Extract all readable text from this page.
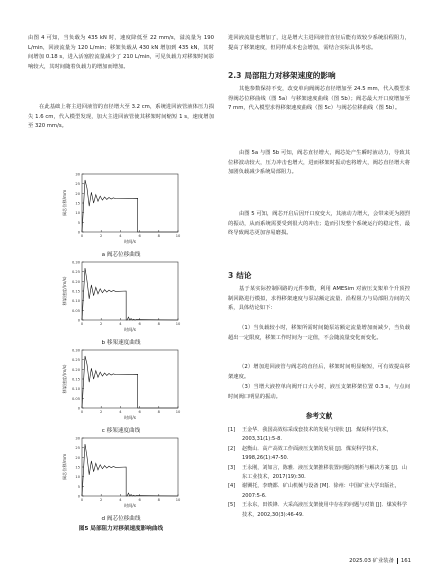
由图 4 可知，当负载为 435 kN 时，速度降低至 22 mm/s，溢流量为 190 L/min，回液流量为 120 L/min；移架负载从 430 kN 增加到 435 kN，其时间增加 0.18 s，进入活塞腔流量减少了 210 L/min，可见负载力对移架时间影响较大，其时间随着负载力的增加而增加。

在此基础上将主进回液管的直径增大至 3.2 cm，系统进回液管液体压力损失 1.6 cm，代入模型发现，加大主进回液管使其移架时间缩短 1 s，速度增加至 320 mm/s。

0
5
10
15
20
25
30
0	2	4	6	8	10
时间/s
阀芯位移/mm
0
0.05
0.10
0.15
0.20
0.25
0.30
0	2	4	6	8	10
时间/s
移架速度/(m/s)
0
0.05
0.10
0.15
0.20
0.25
0.30
0	2	4	6	8	10
时间/s
移架速度/(m/s)
0
5
10
15
20
25
30
0	2	4	6	8	10
时间/s
阀芯位移/mm
图5 局部阻力对移架速度影响曲线

进回液流量也增加了，这是增大主进回液管直径后能有效较少系统沿程阻力，提高了移架速度，但同样成本也会增加，需结合实际具体考虑。

2.3 局部阻力对移架速度的影响

其他参数保持不变，改变单向阀阀芯直径增加至 24.5 mm，代入模型求得阀芯位移曲线（图 5a）与移架速度曲线（图 5b）；阀芯最大开口度增加至 7 mm，代入模型求得移架速度曲线（图 5c）与阀芯位移曲线（图 5b）。

由图 5a 与图 5b 可知，阀芯直径增大，阀芯处产生瞬时液动力，导致其位移波动较大，压力冲击也增大，进而移架时振动也将增大，阀芯直径增大将加剧负载减少系统局部阻力。

由图 5 可知，阀芯开启后因开口度变大，其液动力增大，会带来更为剧烈的振动，从而系统需要受到很大的冲击；造而引发整个系统运行的稳定性，最终导致阀芯更加容易磨损。

3 结论

基于某实际控制回路的元件参数，利用 AMESim 对液压支架单个升顶控制回路进行模拟，求得移架速度与泵站额定流量、沿程阻力与局部阻力间的关系，具体结论如下：

（1）当负载较小时，移架所需时间随泵站额定流量增加而减少，当负载超出一定限度，移架工作时间为一定值，不会随流量变化而变化。

（2）增加进回液管与阀芯的直径后，移架时间明显缩短，可有效提高移架速度。

（3）当增大液控单向阀开口大小时，液压支架移架位置 0.3 s，与点间时间阀口明显的振动。

参考文献

[1]	王金华．我国高效综采成套技术的发展与现状 [J]．煤炭科学技术，2003,31(1):5-8.

[2]	赵衡山．高产高效工作面液压支架的发展 [J]．煤炭科学技术，1998,26(1):47-50.

[3]	王永刚，刘如言，陈雅．液压支架推移装置问题的剖析与解决方案 [J]．山东工业技术，2017(19):30.

[4]	谢铡托，李晓都．矿山机械与设备 [M]．徐州：中国矿业大学出版社，2007:5-6.

[5]	王永东，田铁锋．大采高液压支架使用中存在的问题与对策 [J]．煤炭科学技术，2002,30(3):46-49.

2025.03 矿业装备 161
a 阀芯位移曲线
b 移架速度曲线
c 移架速度曲线
d 阀芯位移曲线
